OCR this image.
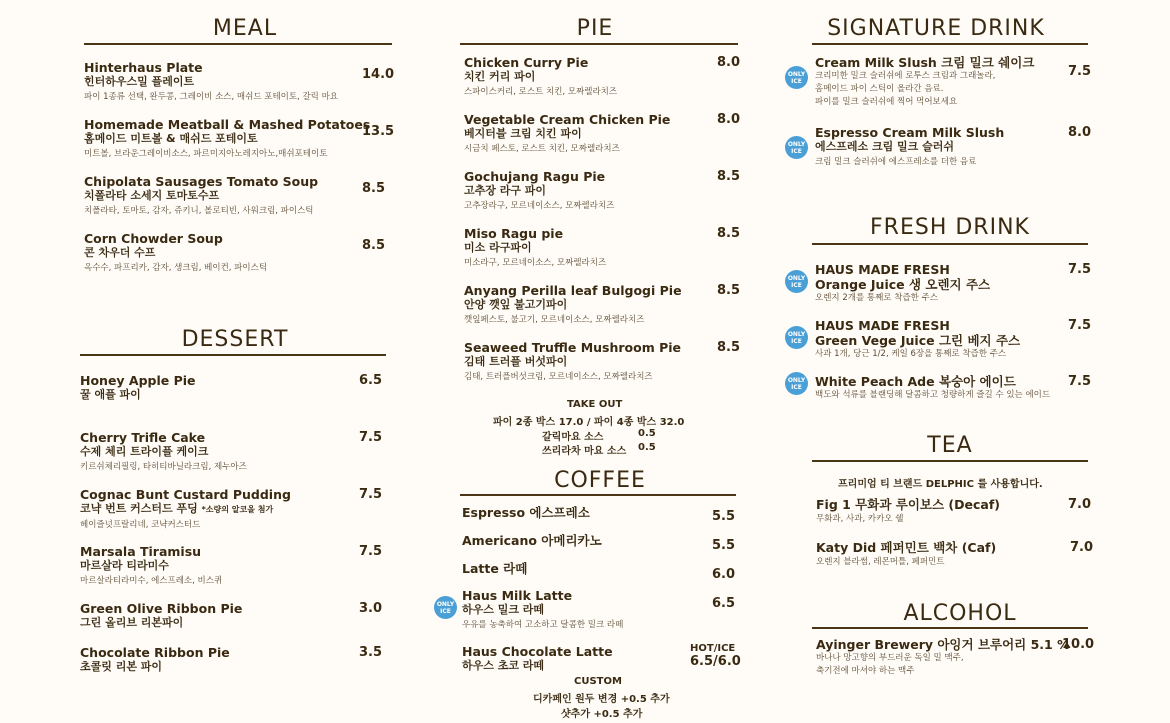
MEAL
Hinterhaus Plate
힌터하우스밀 플레이트
파이 1종류 선택, 완두콩, 그레이비 소스, 매쉬드 포테이토, 갈릭 마요
14.0
Homemade Meatball & Mashed Potatoes
홈메이드 미트볼 & 매쉬드 포테이토
미트볼, 브라운그레이비소스, 파르미지아노레지아노,매쉬포테이토
13.5
Chipolata Sausages Tomato Soup
치폴라타 소세지 토마토수프
치폴라타, 토마토, 감자, 쥬키니, 볼로티빈, 사워크림, 파이스틱
8.5
Corn Chowder Soup
콘 차우더 수프
옥수수, 파프리카, 감자, 생크림, 베이컨, 파이스틱
8.5
DESSERT
Honey Apple Pie
꿀 애플 파이
6.5
Cherry Trifle Cake
수제 체리 트라이플 케이크
키르쉬체리필링, 타히티바닐라크림, 제누아즈
7.5
Cognac Bunt Custard Pudding
코냑 번트 커스터드 푸딩 *소량의 알코올 첨가
헤이즐넛프랄리네, 코냑커스터드
7.5
Marsala Tiramisu
마르살라 티라미수
마르살라티라미수, 에스프레소, 비스퀴
7.5
Green Olive Ribbon Pie
그린 올리브 리본파이
3.0
Chocolate Ribbon Pie
초콜릿 리본 파이
3.5
PIE
Chicken Curry Pie
치킨 커리 파이
스파이스커리, 로스트 치킨, 모짜렐라치즈
8.0
Vegetable Cream Chicken Pie
베지터블 크림 치킨 파이
시금치 페스토, 로스트 치킨, 모짜렐라치즈
8.0
Gochujang Ragu Pie
고추장 라구 파이
고추장라구, 모르네이소스, 모짜렐라치즈
8.5
Miso Ragu pie
미소 라구파이
미소라구, 모르네이소스, 모짜렐라치즈
8.5
Anyang Perilla leaf Bulgogi Pie
안양 깻잎 불고기파이
깻잎페스토, 불고기, 모르네이소스, 모짜렐라치즈
8.5
Seaweed Truffle Mushroom Pie
김태 트러플 버섯파이
김태, 트러플버섯크림, 모르네이소스, 모짜렐라치즈
8.5
TAKE OUT
파이 2종 박스 17.0 / 파이 4종 박스 32.0
갈릭마요 소스	0.5
쓰리라차 마요 소스 0.5
COFFEE
Espresso 에스프레소	5.5
Americano 아메리카노	5.5
Latte 라떼	6.0
ONLY ICE
Haus Milk Latte
하우스 밀크 라떼
우유를 농축하여 고소하고 달콤한 밀크 라떼
6.5
Haus Chocolate Latte
하우스 초코 라떼
HOT/ICE
6.5/6.0
CUSTOM
디카페인 원두 변경 +0.5 추가
샷추가 +0.5 추가
SIGNATURE DRINK
ONLY ICE
Cream Milk Slush 크림 밀크 쉐이크
크리미한 밀크 슬러쉬에 로투스 크림과 그래놀라,
홈메이드 파이 스틱이 올라간 음료.
파이를 밀크 슬러쉬에 찍어 먹어보세요
7.5
ONLY ICE
Espresso Cream Milk Slush
에스프레소 크림 밀크 슬러쉬
크림 밀크 슬러쉬에 에스프레소를 더한 음료
8.0
FRESH DRINK
ONLY ICE
HAUS MADE FRESH
Orange Juice 생 오렌지 주스
오렌지 2개를 통째로 착즙한 주스
7.5
ONLY ICE
HAUS MADE FRESH
Green Vege Juice 그린 베지 주스
사과 1개, 당근 1/2, 케일 6장을 통째로 착즙한 주스
7.5
ONLY ICE	White Peach Ade 복숭아 에이드
백도와 석류를 블랜딩해 달콤하고 청량하게 즐길 수 있는 에이드
7.5
TEA
프리미엄 티 브랜드 DELPHIC 를 사용합니다.
Fig 1 무화과 루이보스 (Decaf)
무화과, 사과, 카카오 쉘
7.0
Katy Did 페퍼민트 백차 (Caf)
오렌지 블라썸, 레몬머틀, 페퍼민트
7.0
ALCOHOL
Ayinger Brewery 아잉거 브루어리 5.1 %
바나나 망고향의 부드러운 독일 밀 맥주,
축기전에 마셔야 하는 맥주
10.0
